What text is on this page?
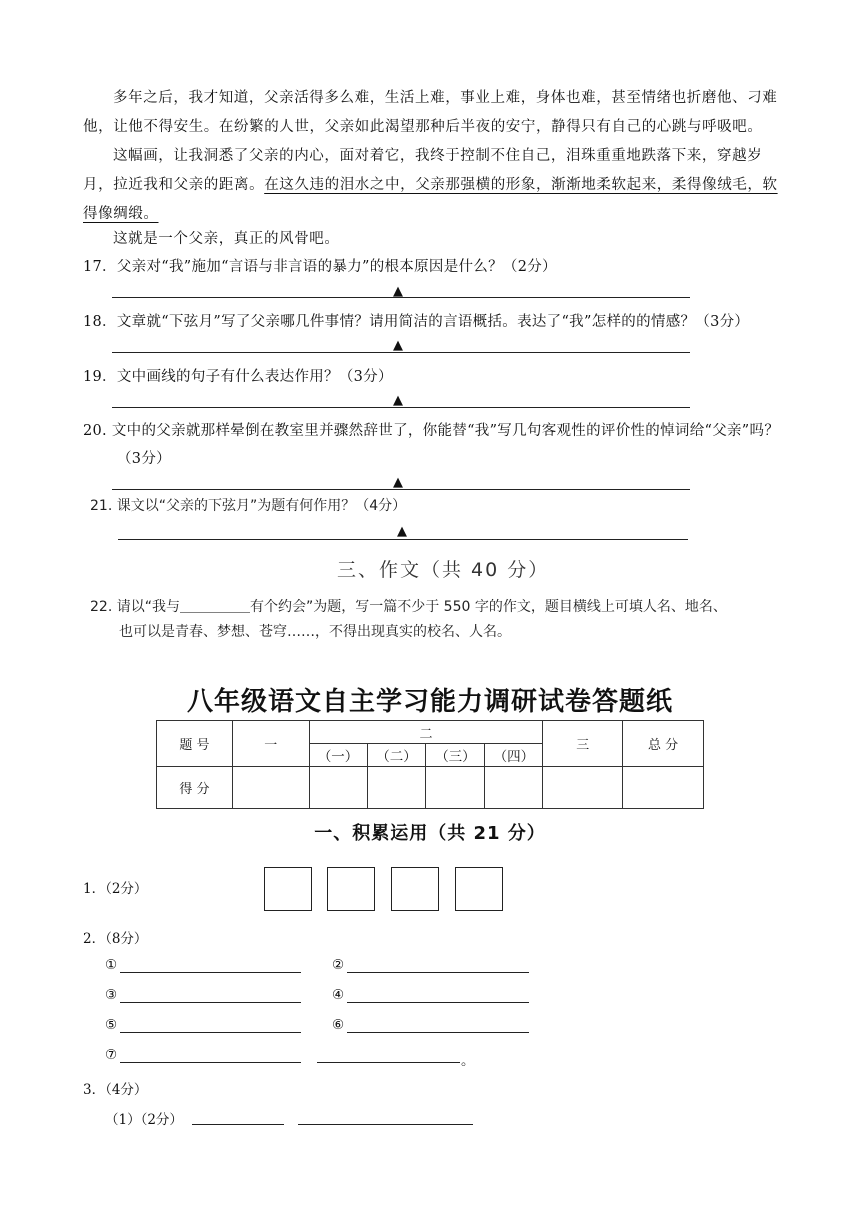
多年之后，我才知道，父亲活得多么难，生活上难，事业上难，身体也难，甚至情绪也折磨他、刁难他，让他不得安生。在纷繁的人世，父亲如此渴望那种后半夜的安宁，静得只有自己的心跳与呼吸吧。
这幅画，让我洞悉了父亲的内心，面对着它，我终于控制不住自己，泪珠重重地跌落下来，穿越岁月，拉近我和父亲的距离。在这久违的泪水之中，父亲那强横的形象，渐渐地柔软起来，柔得像绒毛，软得像绸缎。
这就是一个父亲，真正的风骨吧。
17．父亲对“我”施加“言语与非言语的暴力”的根本原因是什么？（2分）
▲
18．文章就“下弦月”写了父亲哪几件事情？请用简洁的言语概括。表达了“我”怎样的的情感？（3分）
▲
19．文中画线的句子有什么表达作用？（3分）
▲
20. 文中的父亲就那样晕倒在教室里并骤然辞世了，你能替“我”写几句客观性的评价性的悼词给“父亲”吗？
（3分）
▲
21. 课文以“父亲的下弦月”为题有何作用？（4分）
▲
三、作文（共 40 分）
22. 请以“我与＿＿＿＿＿有个约会”为题，写一篇不少于 550 字的作文，题目横线上可填人名、地名、
也可以是青春、梦想、苍穹……，不得出现真实的校名、人名。
八年级语文自主学习能力调研试卷答题纸
题 号	一	二				三	总 分
		（一）	（二）	（三）	（四）		
得 分							
一、积累运用（共 21 分）
1．（2分）
2．（8分）
①	②
③	④
⑤	⑥
⑦	。
3．（4分）
（1）（2分）
